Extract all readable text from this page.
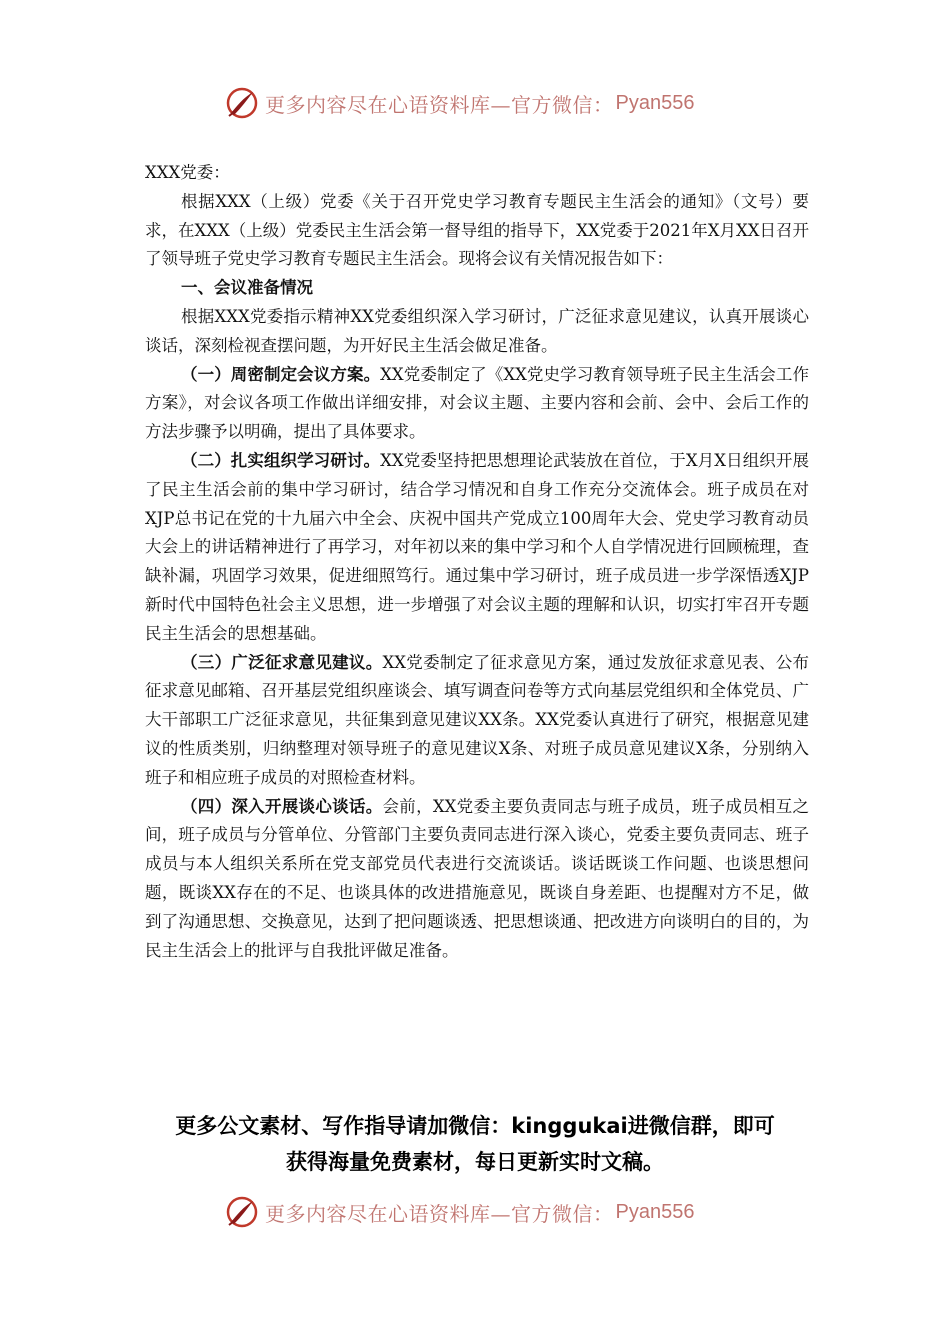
更多内容尽在心语资料库—官方微信： Pyan556

XXX党委：

根据XXX（上级）党委《关于召开党史学习教育专题民主生活会的通知》（文号）要求，在XXX（上级）党委民主生活会第一督导组的指导下，XX党委于2021年X月XX日召开了领导班子党史学习教育专题民主生活会。现将会议有关情况报告如下：

一、会议准备情况

根据XXX党委指示精神XX党委组织深入学习研讨，广泛征求意见建议，认真开展谈心谈话，深刻检视查摆问题，为开好民主生活会做足准备。

（一）周密制定会议方案。XX党委制定了《XX党史学习教育领导班子民主生活会工作方案》，对会议各项工作做出详细安排，对会议主题、主要内容和会前、会中、会后工作的方法步骤予以明确，提出了具体要求。

（二）扎实组织学习研讨。XX党委坚持把思想理论武装放在首位，于X月X日组织开展了民主生活会前的集中学习研讨，结合学习情况和自身工作充分交流体会。班子成员在对XJP总书记在党的十九届六中全会、庆祝中国共产党成立100周年大会、党史学习教育动员大会上的讲话精神进行了再学习，对年初以来的集中学习和个人自学情况进行回顾梳理，查缺补漏，巩固学习效果，促进细照笃行。通过集中学习研讨，班子成员进一步学深悟透XJP新时代中国特色社会主义思想，进一步增强了对会议主题的理解和认识，切实打牢召开专题民主生活会的思想基础。

（三）广泛征求意见建议。XX党委制定了征求意见方案，通过发放征求意见表、公布征求意见邮箱、召开基层党组织座谈会、填写调查问卷等方式向基层党组织和全体党员、广大干部职工广泛征求意见，共征集到意见建议XX条。XX党委认真进行了研究，根据意见建议的性质类别，归纳整理对领导班子的意见建议X条、对班子成员意见建议X条，分别纳入班子和相应班子成员的对照检查材料。

（四）深入开展谈心谈话。会前，XX党委主要负责同志与班子成员，班子成员相互之间，班子成员与分管单位、分管部门主要负责同志进行深入谈心，党委主要负责同志、班子成员与本人组织关系所在党支部党员代表进行交流谈话。谈话既谈工作问题、也谈思想问题，既谈XX存在的不足、也谈具体的改进措施意见，既谈自身差距、也提醒对方不足，做到了沟通思想、交换意见，达到了把问题谈透、把思想谈通、把改进方向谈明白的目的，为民主生活会上的批评与自我批评做足准备。

更多公文素材、写作指导请加微信：kinggukai进微信群，即可
获得海量免费素材，每日更新实时文稿。
更多内容尽在心语资料库—官方微信： Pyan556
